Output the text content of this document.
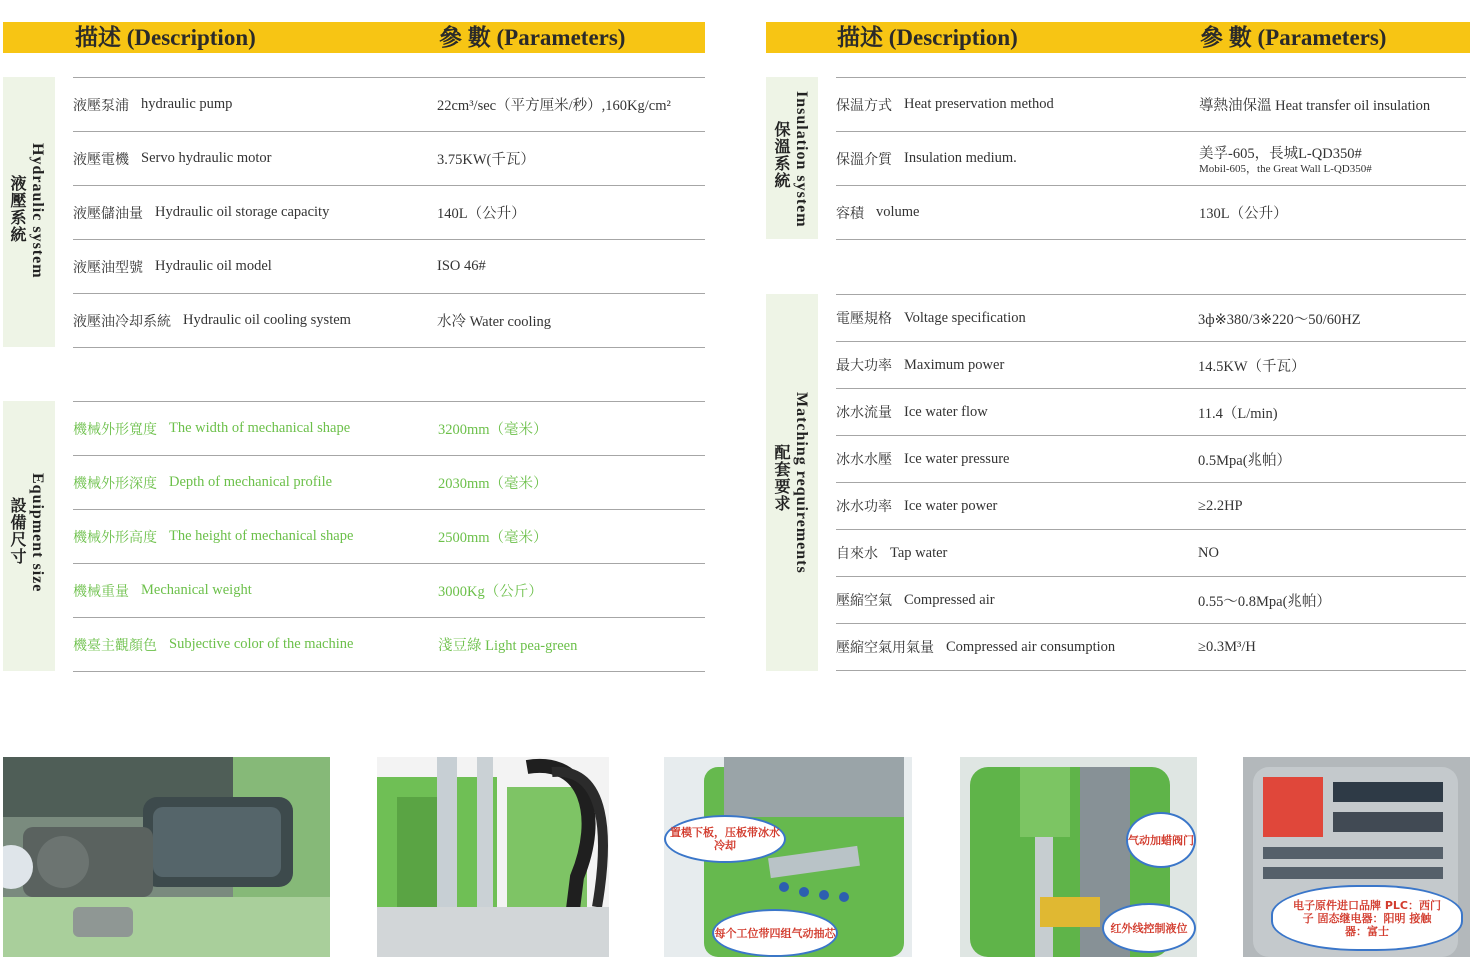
描述 (Description)	參 數 (Parameters)	描述 (Description)	參 數 (Parameters)
液壓系統 Hydraulic system
液壓泵浦 hydraulic pump	22cm³/sec（平方厘米/秒）,160Kg/cm²
液壓電機 Servo hydraulic motor	3.75KW(千瓦）
液壓儲油量 Hydraulic oil storage capacity	140L（公升）
液壓油型號 Hydraulic oil model	ISO 46#
液壓油冷却系統 Hydraulic oil cooling system	水冷 Water cooling
設備尺寸 Equipment size
機械外形寬度 The width of mechanical shape	3200mm（毫米）
機械外形深度 Depth of mechanical profile	2030mm（毫米）
機械外形高度 The height of mechanical shape	2500mm（毫米）
機械重量 Mechanical weight	3000Kg（公斤）
機臺主觀顏色 Subjective color of the machine	淺豆綠 Light pea-green
保溫系統 Insulation system 保温方式 Heat preservation method	導熱油保溫 Heat transfer oil insulation
保溫介質 Insulation medium.	美孚-605，長城L-QD350#
Mobil-605，the Great Wall L-QD350#
容積 volume	130L（公升）
配套要求 Matching requirements
電壓規格 Voltage specification	3ф※380/3※220～50/60HZ
最大功率 Maximum power	14.5KW（千瓦）
冰水流量 Ice water flow	11.4（L/min)
冰水水壓 Ice water pressure	0.5Mpa(兆帕）
冰水功率 Ice water power	≥2.2HP
自來水 Tap water	NO
壓縮空氣 Compressed air	0.55～0.8Mpa(兆帕）
壓縮空氣用氣量 Compressed air consumption	≥0.3M³/H
置模下板，压板带冰水冷却
每个工位带四组气动抽芯
气动加蜡阀门
红外线控制液位
电子原件进口品牌 PLC：西门子 固态继电器：阳明 接触器：富士
